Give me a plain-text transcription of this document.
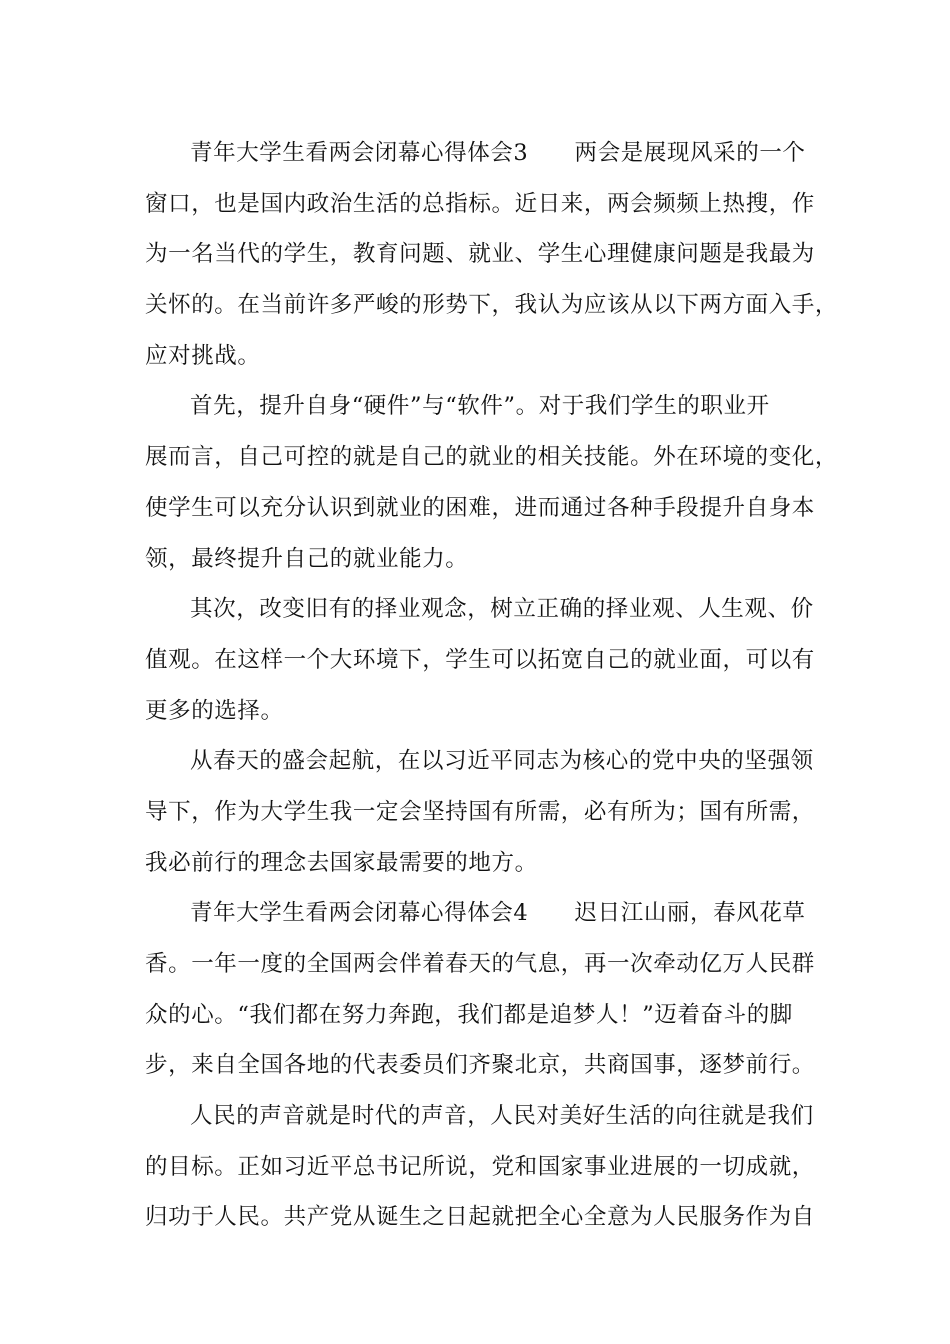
青年大学生看两会闭幕心得体会3　　两会是展现风采的一个
窗口，也是国内政治生活的总指标。近日来，两会频频上热搜，作
为一名当代的学生，教育问题、就业、学生心理健康问题是我最为
关怀的。在当前许多严峻的形势下，我认为应该从以下两方面入手，
应对挑战。
首先，提升自身“硬件”与“软件”。对于我们学生的职业开
展而言，自己可控的就是自己的就业的相关技能。外在环境的变化，
使学生可以充分认识到就业的困难，进而通过各种手段提升自身本
领，最终提升自己的就业能力。
其次，改变旧有的择业观念，树立正确的择业观、人生观、价
值观。在这样一个大环境下，学生可以拓宽自己的就业面，可以有
更多的选择。
从春天的盛会起航，在以习近平同志为核心的党中央的坚强领
导下，作为大学生我一定会坚持国有所需，必有所为；国有所需，
我必前行的理念去国家最需要的地方。
青年大学生看两会闭幕心得体会4　　迟日江山丽，春风花草
香。一年一度的全国两会伴着春天的气息，再一次牵动亿万人民群
众的心。“我们都在努力奔跑，我们都是追梦人！”迈着奋斗的脚
步，来自全国各地的代表委员们齐聚北京，共商国事，逐梦前行。
人民的声音就是时代的声音，人民对美好生活的向往就是我们
的目标。正如习近平总书记所说，党和国家事业进展的一切成就，
归功于人民。共产党从诞生之日起就把全心全意为人民服务作为自
